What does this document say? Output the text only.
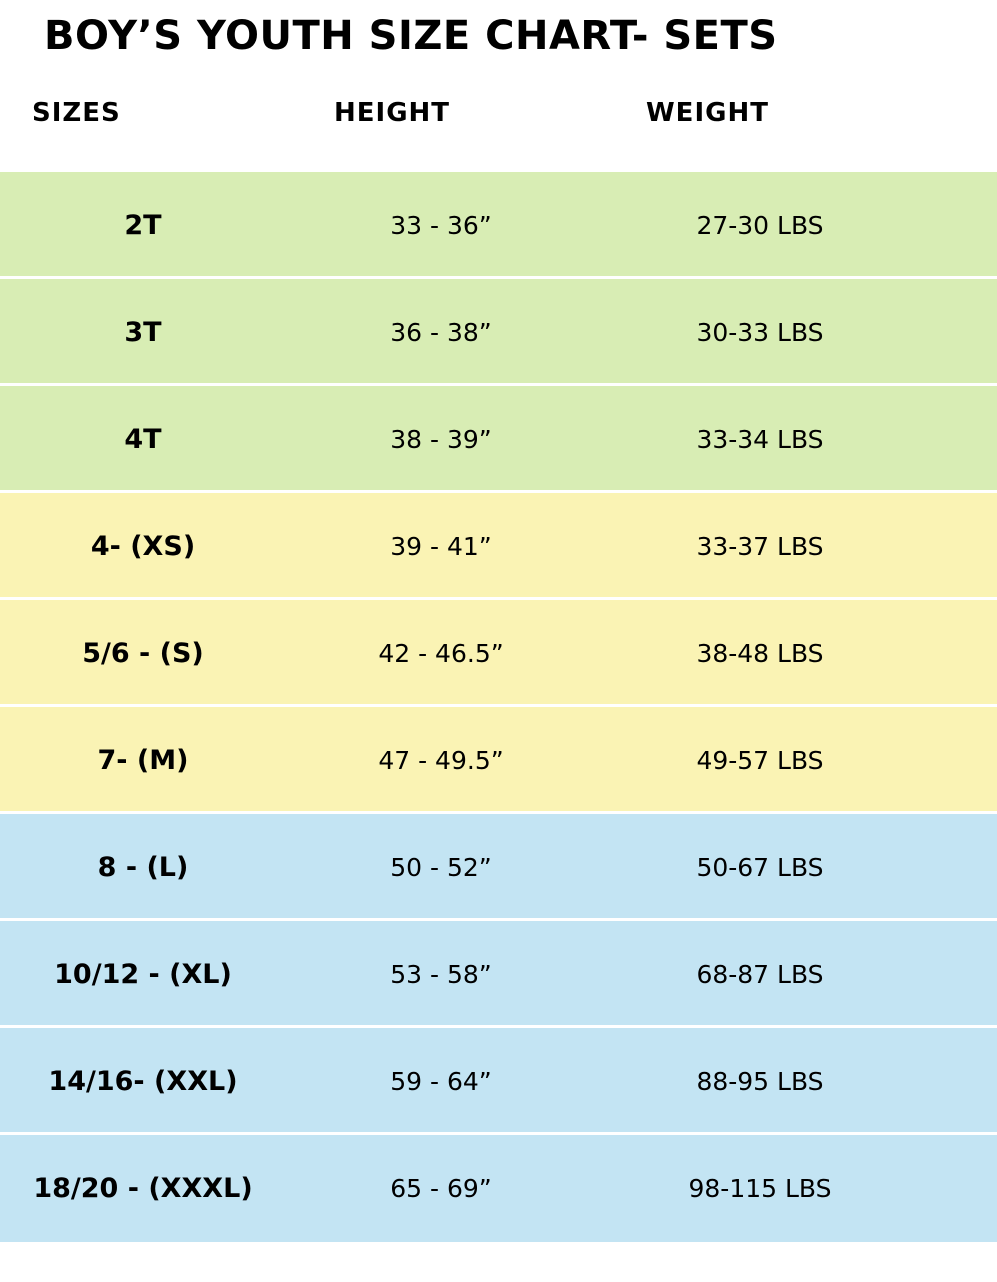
BOY’S YOUTH SIZE CHART- SETS
SIZES	HEIGHT	WEIGHT
2T	33 - 36”	27-30 LBS
3T	36 - 38”	30-33 LBS
4T	38 - 39”	33-34 LBS
4- (XS)	39 - 41”	33-37 LBS
5/6 - (S)	42 - 46.5”	38-48 LBS
7- (M)	47 - 49.5”	49-57 LBS
8 - (L)	50 - 52”	50-67 LBS
10/12 - (XL)	53 - 58”	68-87 LBS
14/16- (XXL)	59 - 64”	88-95 LBS
18/20 - (XXXL)	65 - 69”	98-115 LBS
